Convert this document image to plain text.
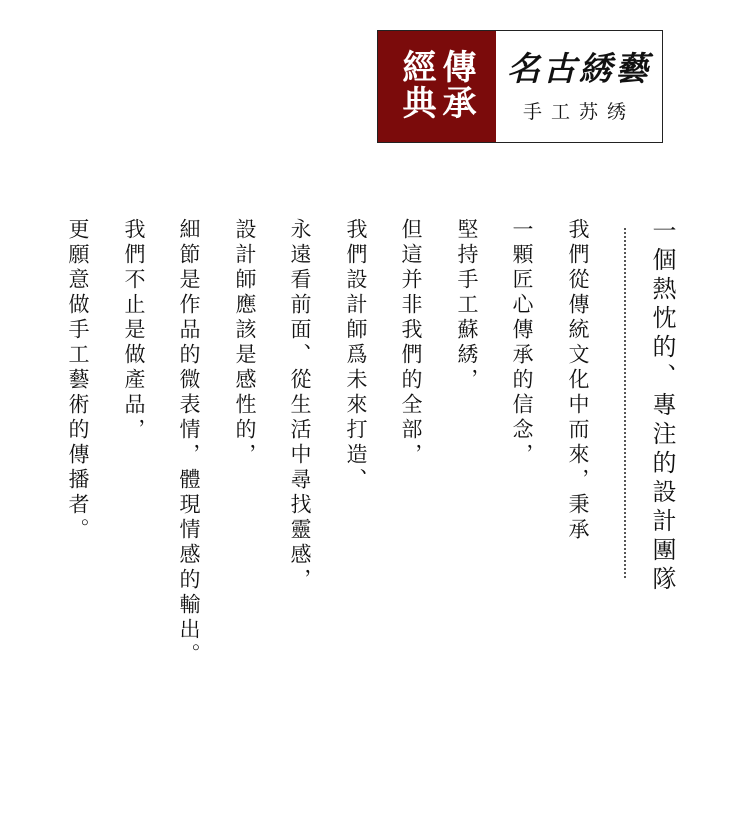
傳承
經典 名古綉藝
手工苏绣
一個熱忱的、專注的設計團隊
我們從傳統文化中而來，秉承
一顆匠心傳承的信念，
堅持手工蘇綉，
但這并非我們的全部，
我們設計師爲未來打造、
永遠看前面、從生活中尋找靈感，
設計師應該是感性的，
細節是作品的微表情，體現情感的輸出。
我們不止是做產品，
更願意做手工藝術的傳播者。
